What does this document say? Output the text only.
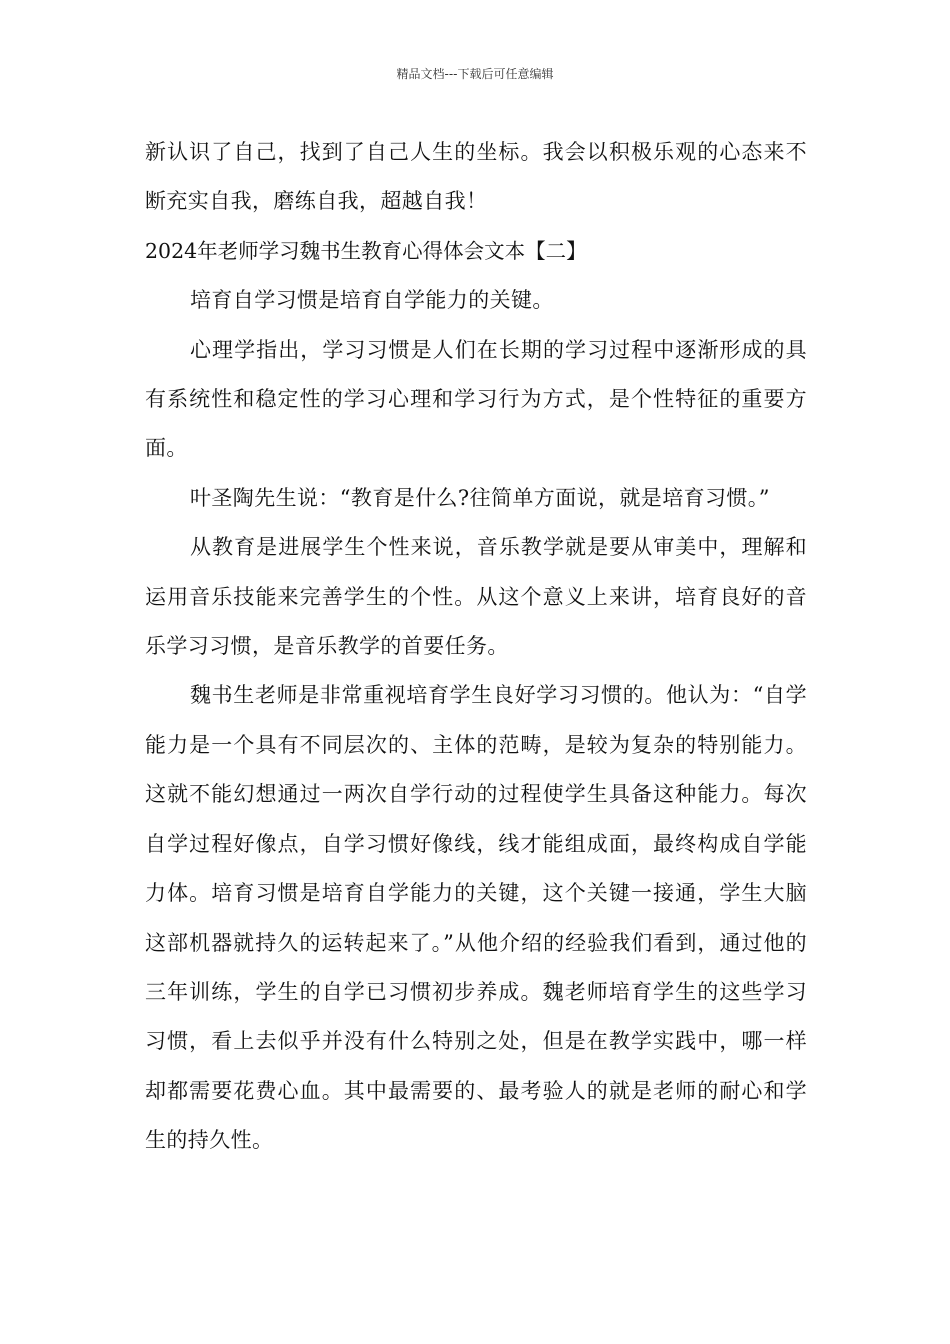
精品文档---下载后可任意编辑

新认识了自己，找到了自己人生的坐标。我会以积极乐观的心态来不断充实自我，磨练自我，超越自我！

2024年老师学习魏书生教育心得体会文本【二】

培育自学习惯是培育自学能力的关键。

心理学指出，学习习惯是人们在长期的学习过程中逐渐形成的具有系统性和稳定性的学习心理和学习行为方式，是个性特征的重要方面。

叶圣陶先生说：“教育是什么?往简单方面说，就是培育习惯。”

从教育是进展学生个性来说，音乐教学就是要从审美中，理解和运用音乐技能来完善学生的个性。从这个意义上来讲，培育良好的音乐学习习惯，是音乐教学的首要任务。

魏书生老师是非常重视培育学生良好学习习惯的。他认为：“自学能力是一个具有不同层次的、主体的范畴，是较为复杂的特别能力。这就不能幻想通过一两次自学行动的过程使学生具备这种能力。每次自学过程好像点，自学习惯好像线，线才能组成面，最终构成自学能力体。培育习惯是培育自学能力的关键，这个关键一接通，学生大脑这部机器就持久的运转起来了。”从他介绍的经验我们看到，通过他的三年训练，学生的自学已习惯初步养成。魏老师培育学生的这些学习习惯，看上去似乎并没有什么特别之处，但是在教学实践中，哪一样却都需要花费心血。其中最需要的、最考验人的就是老师的耐心和学生的持久性。
